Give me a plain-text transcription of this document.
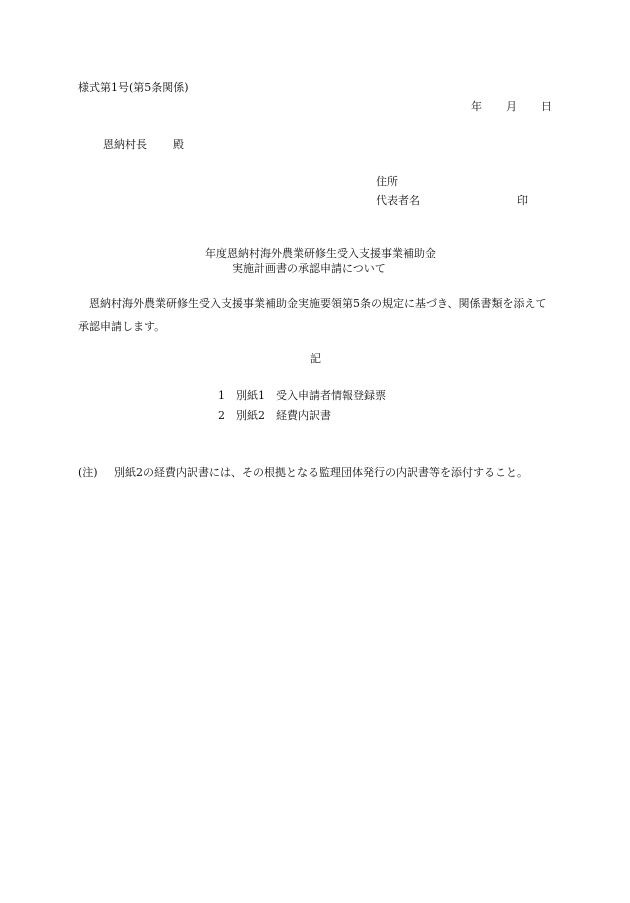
様式第1号(第5条関係)
年 月 日
恩納村長 殿
住所
代表者名	印
年度恩納村海外農業研修生受入支援事業補助金
実施計画書の承認申請について
恩納村海外農業研修生受入支援事業補助金実施要領第5条の規定に基づき、関係書類を添えて承認申請します。
記
1 別紙1　受入申請者情報登録票
2 別紙2　経費内訳書
(注) 別紙2の経費内訳書には、その根拠となる監理団体発行の内訳書等を添付すること。
